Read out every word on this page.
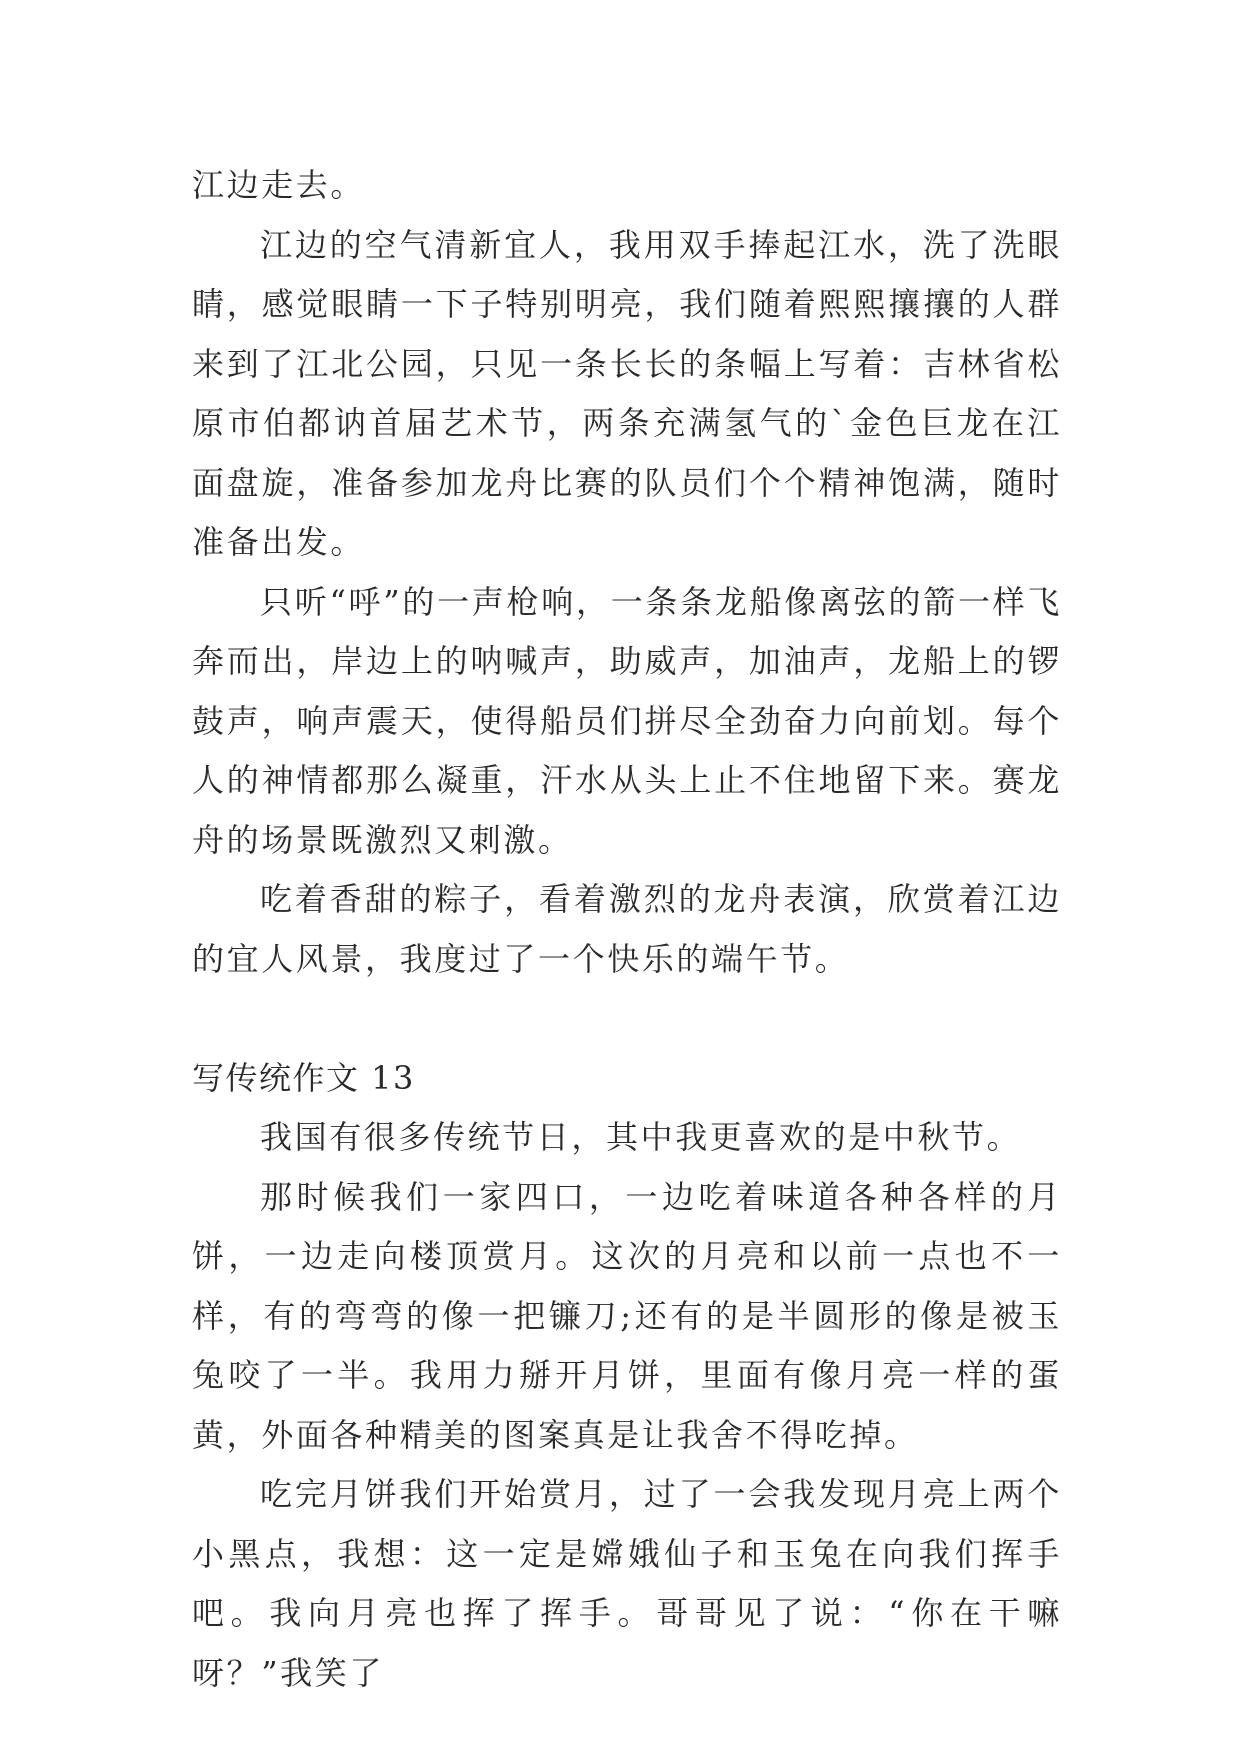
江边走去。

江边的空气清新宜人，我用双手捧起江水，洗了洗眼睛，感觉眼睛一下子特别明亮，我们随着熙熙攘攘的人群来到了江北公园，只见一条长长的条幅上写着：吉林省松原市伯都讷首届艺术节，两条充满氢气的`金色巨龙在江面盘旋，准备参加龙舟比赛的队员们个个精神饱满，随时准备出发。

只听“呼”的一声枪响，一条条龙船像离弦的箭一样飞奔而出，岸边上的呐喊声，助威声，加油声，龙船上的锣鼓声，响声震天，使得船员们拼尽全劲奋力向前划。每个人的神情都那么凝重，汗水从头上止不住地留下来。赛龙舟的场景既激烈又刺激。

吃着香甜的粽子，看着激烈的龙舟表演，欣赏着江边的宜人风景，我度过了一个快乐的端午节。

写传统作文 13

我国有很多传统节日，其中我更喜欢的是中秋节。

那时候我们一家四口，一边吃着味道各种各样的月饼，一边走向楼顶赏月。这次的月亮和以前一点也不一样，有的弯弯的像一把镰刀;还有的是半圆形的像是被玉兔咬了一半。我用力掰开月饼，里面有像月亮一样的蛋黄，外面各种精美的图案真是让我舍不得吃掉。

吃完月饼我们开始赏月，过了一会我发现月亮上两个小黑点，我想：这一定是嫦娥仙子和玉兔在向我们挥手吧。我向月亮也挥了挥手。哥哥见了说：“你在干嘛呀？”我笑了
